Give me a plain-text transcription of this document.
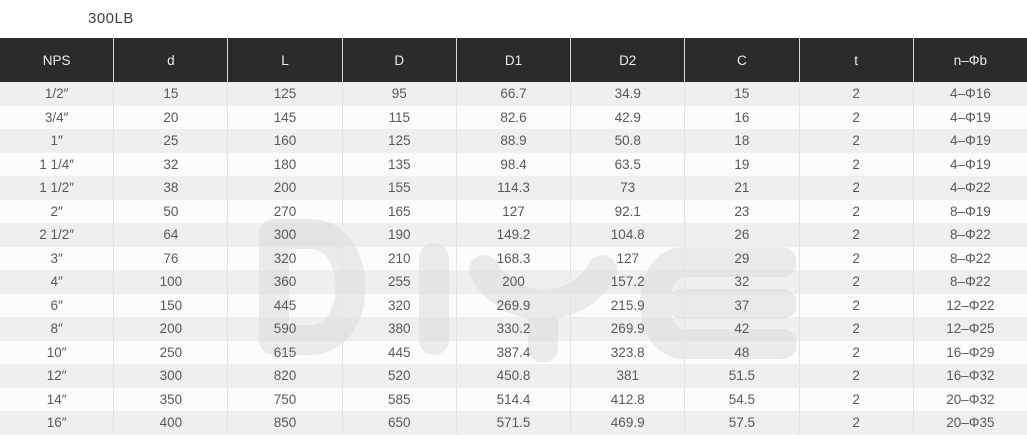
300LB
NPS	d	L	D	D1	D2	C	t	n–Φb
1/2″	15	125	95	66.7	34.9	15	2	4–Φ16
3/4″	20	145	115	82.6	42.9	16	2	4–Φ19
1″	25	160	125	88.9	50.8	18	2	4–Φ19
1 1/4″	32	180	135	98.4	63.5	19	2	4–Φ19
1 1/2″	38	200	155	114.3	73	21	2	4–Φ22
2″	50	270	165	127	92.1	23	2	8–Φ19
2 1/2″	64	300	190	149.2	104.8	26	2	8–Φ22
3″	76	320	210	168.3	127	29	2	8–Φ22
4″	100	360	255	200	157.2	32	2	8–Φ22
6″	150	445	320	269.9	215.9	37	2	12–Φ22
8″	200	590	380	330.2	269.9	42	2	12–Φ25
10″	250	615	445	387.4	323.8	48	2	16–Φ29
12″	300	820	520	450.8	381	51.5	2	16–Φ32
14″	350	750	585	514.4	412.8	54.5	2	20–Φ32
16″	400	850	650	571.5	469.9	57.5	2	20–Φ35
